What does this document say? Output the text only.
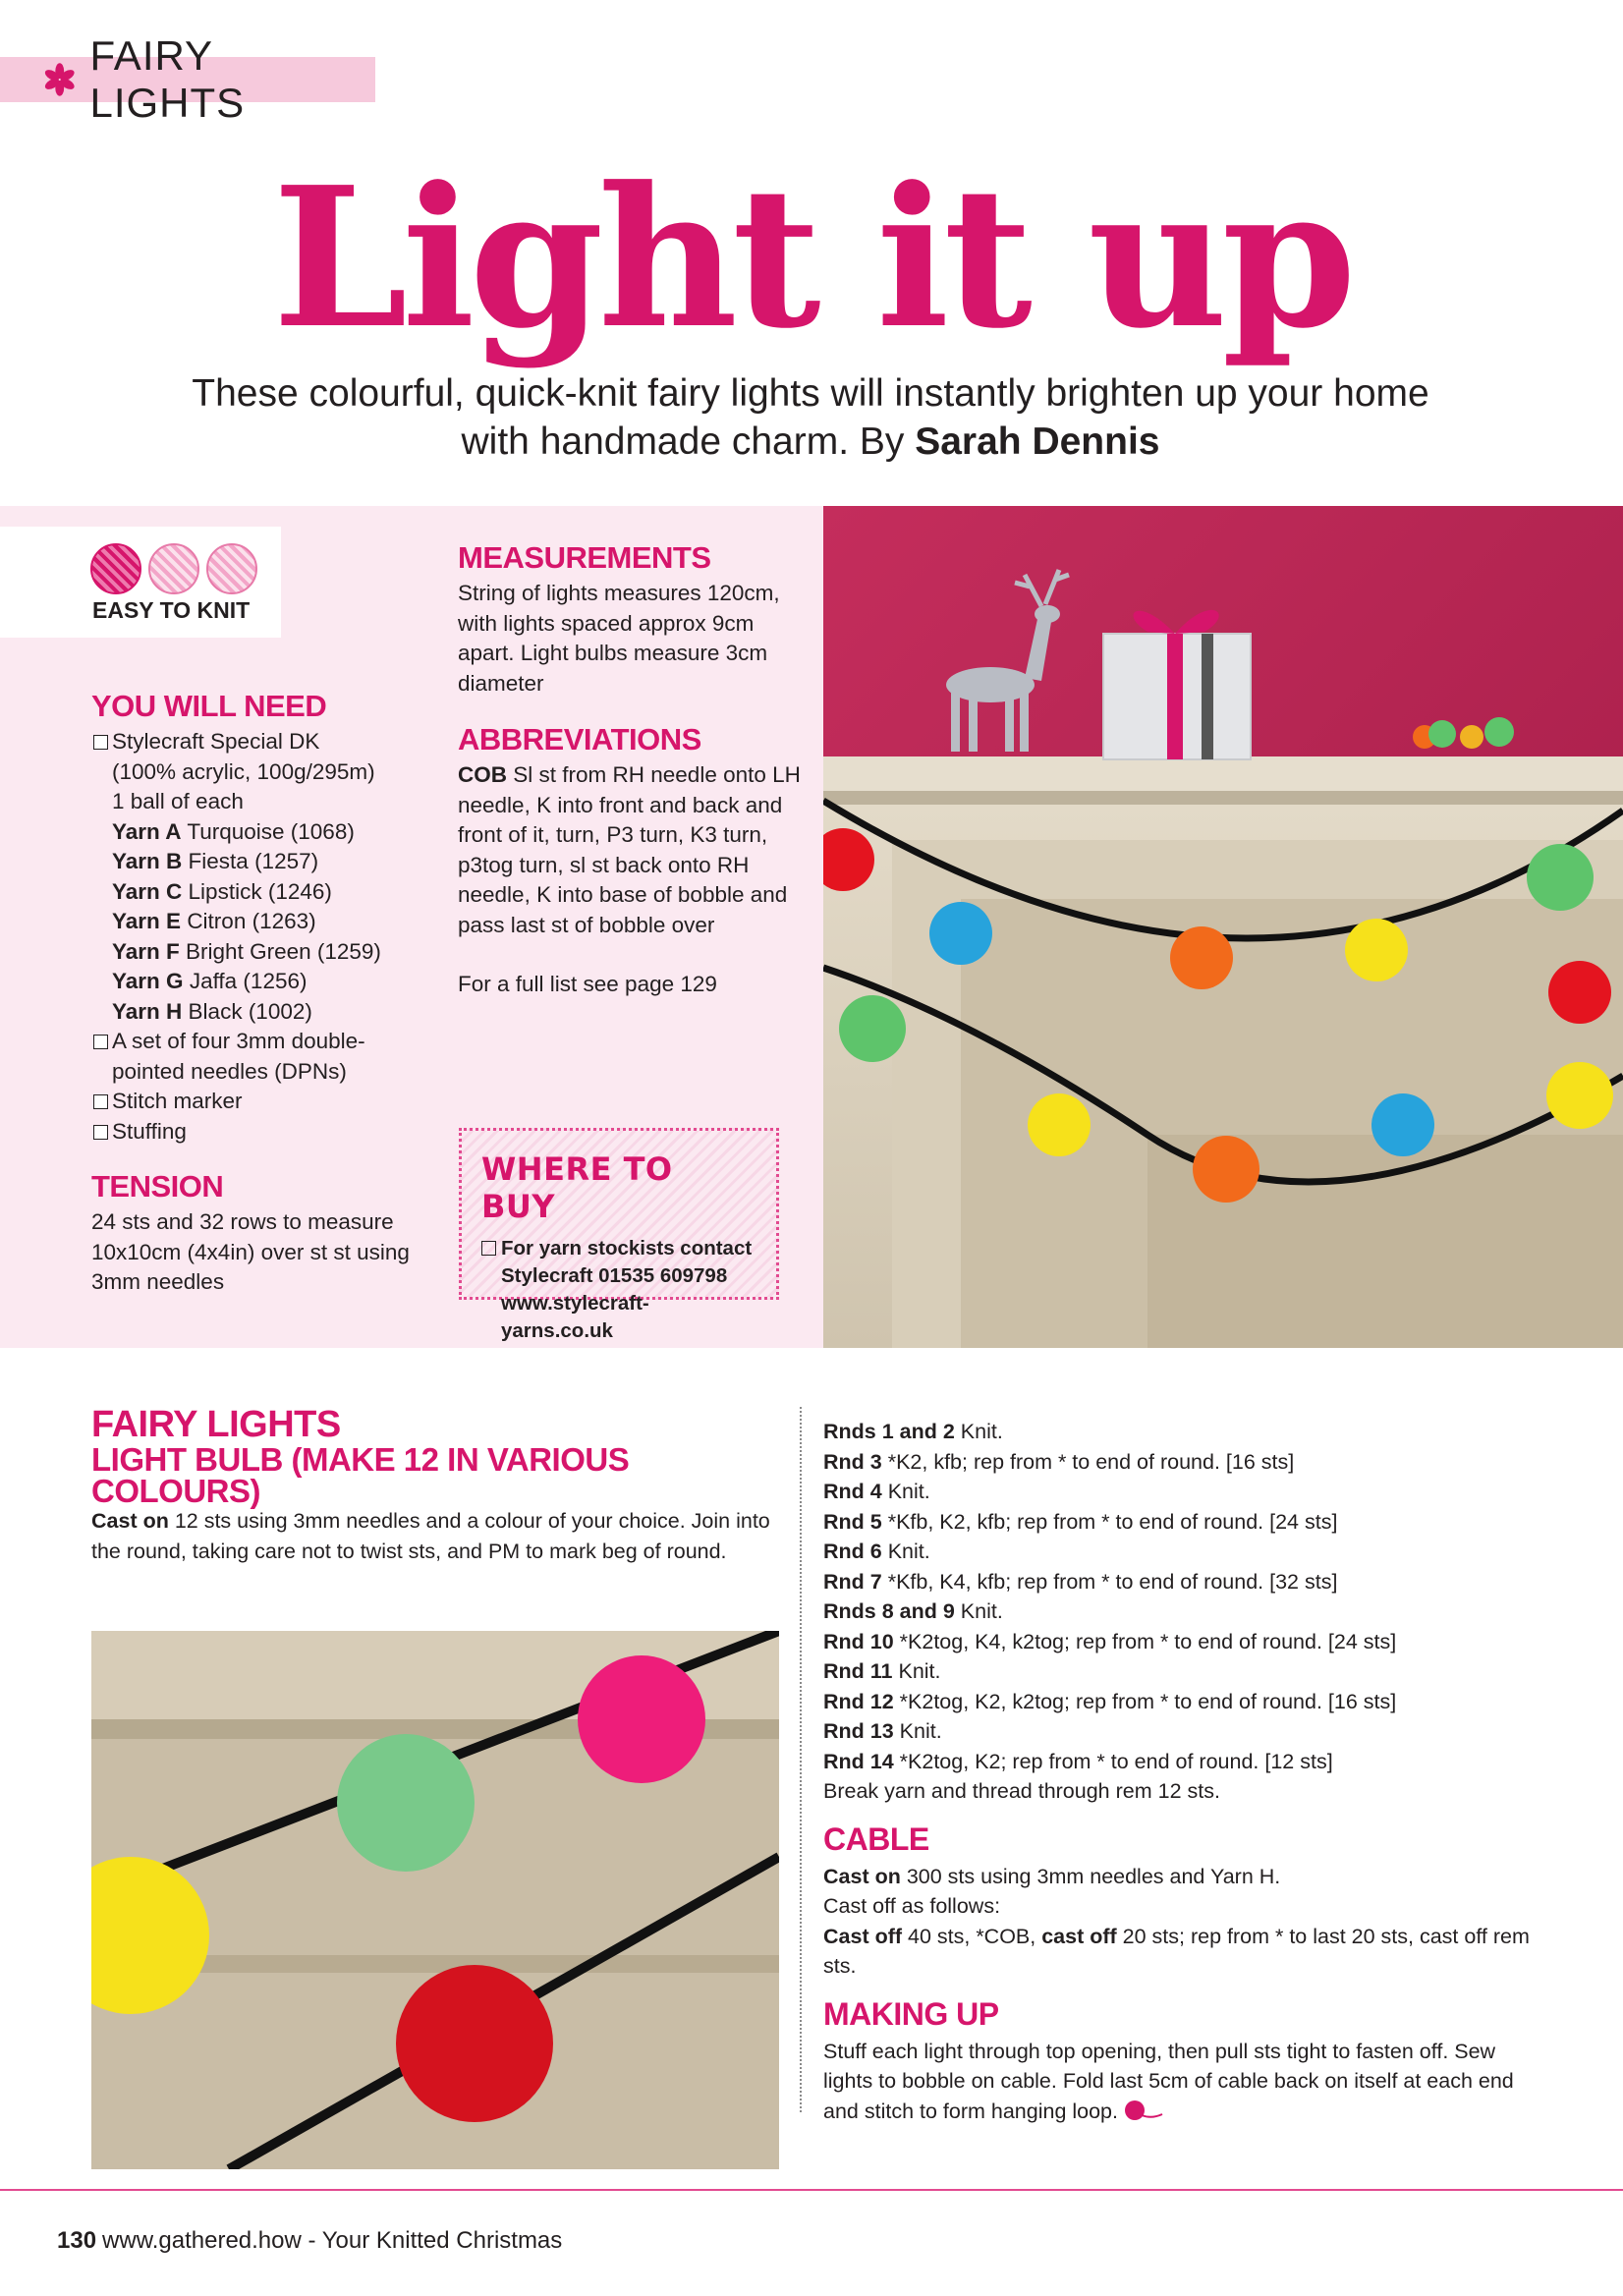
FAIRY LIGHTS
Light it up

These colourful, quick-knit fairy lights will instantly brighten up your home with handmade charm. By Sarah Dennis

EASY TO KNIT
YOU WILL NEED
Stylecraft Special DK
(100% acrylic, 100g/295m)
1 ball of each
Yarn A Turquoise (1068)
Yarn B Fiesta (1257)
Yarn C Lipstick (1246)
Yarn E Citron (1263)
Yarn F Bright Green (1259)
Yarn G Jaffa (1256)
Yarn H Black (1002)
A set of four 3mm double-
pointed needles (DPNs)
Stitch marker
Stuffing
TENSION
24 sts and 32 rows to measure
10x10cm (4x4in) over st st using
3mm needles
MEASUREMENTS
String of lights measures 120cm,
with lights spaced approx 9cm
apart. Light bulbs measure 3cm
diameter
ABBREVIATIONS
COB Sl st from RH needle onto LH
needle, K into front and back and
front of it, turn, P3 turn, K3 turn,
p3tog turn, sl st back onto RH
needle, K into base of bobble and
pass last st of bobble over
For a full list see page 129
WHERE TO BUY
For yarn stockists contact
Stylecraft 01535 609798
www.stylecraft-yarns.co.uk
FAIRY LIGHTS
LIGHT BULB (MAKE 12 IN VARIOUS COLOURS)
Cast on 12 sts using 3mm needles and a colour of your choice. Join into the round, taking care not to twist sts, and PM to mark beg of round.
Rnds 1 and 2 Knit.
Rnd 3 *K2, kfb; rep from * to end of round. [16 sts]
Rnd 4 Knit.
Rnd 5 *Kfb, K2, kfb; rep from * to end of round. [24 sts]
Rnd 6 Knit.
Rnd 7 *Kfb, K4, kfb; rep from * to end of round. [32 sts]
Rnds 8 and 9 Knit.
Rnd 10 *K2tog, K4, k2tog; rep from * to end of round. [24 sts]
Rnd 11 Knit.
Rnd 12 *K2tog, K2, k2tog; rep from * to end of round. [16 sts]
Rnd 13 Knit.
Rnd 14 *K2tog, K2; rep from * to end of round. [12 sts]
Break yarn and thread through rem 12 sts.
CABLE
Cast on 300 sts using 3mm needles and Yarn H.
Cast off as follows:
Cast off 40 sts, *COB, cast off 20 sts; rep from * to last 20 sts, cast off rem sts.
MAKING UP
Stuff each light through top opening, then pull sts tight to fasten off. Sew lights to bobble on cable. Fold last 5cm of cable back on itself at each end and stitch to form hanging loop.
130 www.gathered.how - Your Knitted Christmas
